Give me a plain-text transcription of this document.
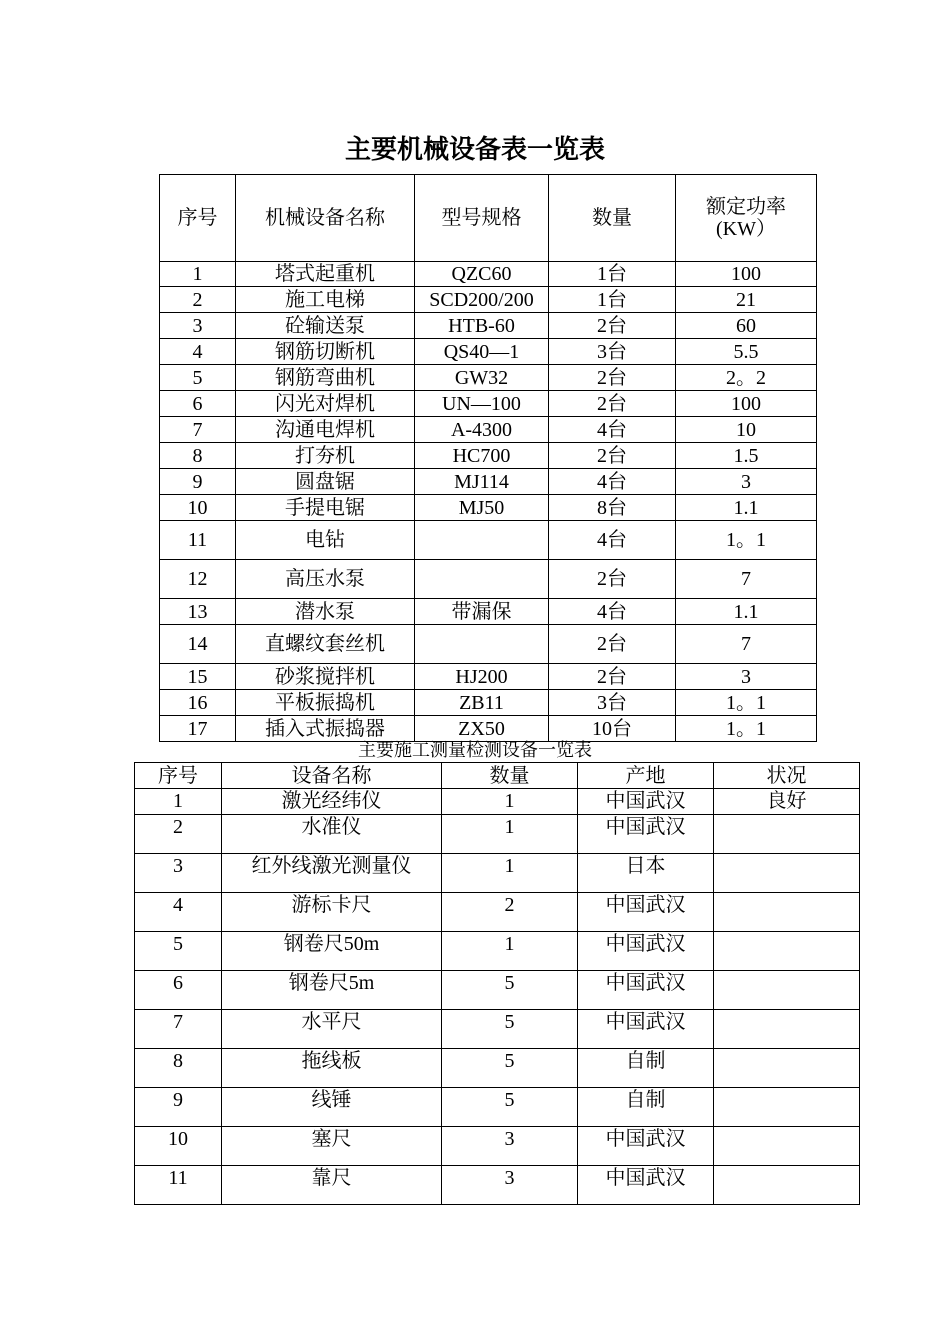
主要机械设备表一览表
序号	机械设备名称	型号规格	数量	额定功率
(KW）
1	塔式起重机	QZC60	1台	100
2	施工电梯	SCD200/200	1台	21
3	砼输送泵	HTB-60	2台	60
4	钢筋切断机	QS40—1	3台	5.5
5	钢筋弯曲机	GW32	2台	2。2
6	闪光对焊机	UN—100	2台	100
7	沟通电焊机	A-4300	4台	10
8	打夯机	HC700	2台	1.5
9	圆盘锯	MJ114	4台	3
10	手提电锯	MJ50	8台	1.1
11	电钻		4台	1。1
12	高压水泵		2台	7
13	潜水泵	带漏保	4台	1.1
14	直螺纹套丝机		2台	7
15	砂浆搅拌机	HJ200	2台	3
16	平板振捣机	ZB11	3台	1。1
17	插入式振捣器	ZX50	10台	1。1
主要施工测量检测设备一览表
序号	设备名称	数量	产地	状况
1	激光经纬仪	1	中国武汉	良好
2	水准仪	1	中国武汉	
3	红外线激光测量仪	1	日本	
4	游标卡尺	2	中国武汉	
5	钢卷尺50m	1	中国武汉	
6	钢卷尺5m	5	中国武汉	
7	水平尺	5	中国武汉	
8	拖线板	5	自制	
9	线锤	5	自制	
10	塞尺	3	中国武汉	
11	靠尺	3	中国武汉	
